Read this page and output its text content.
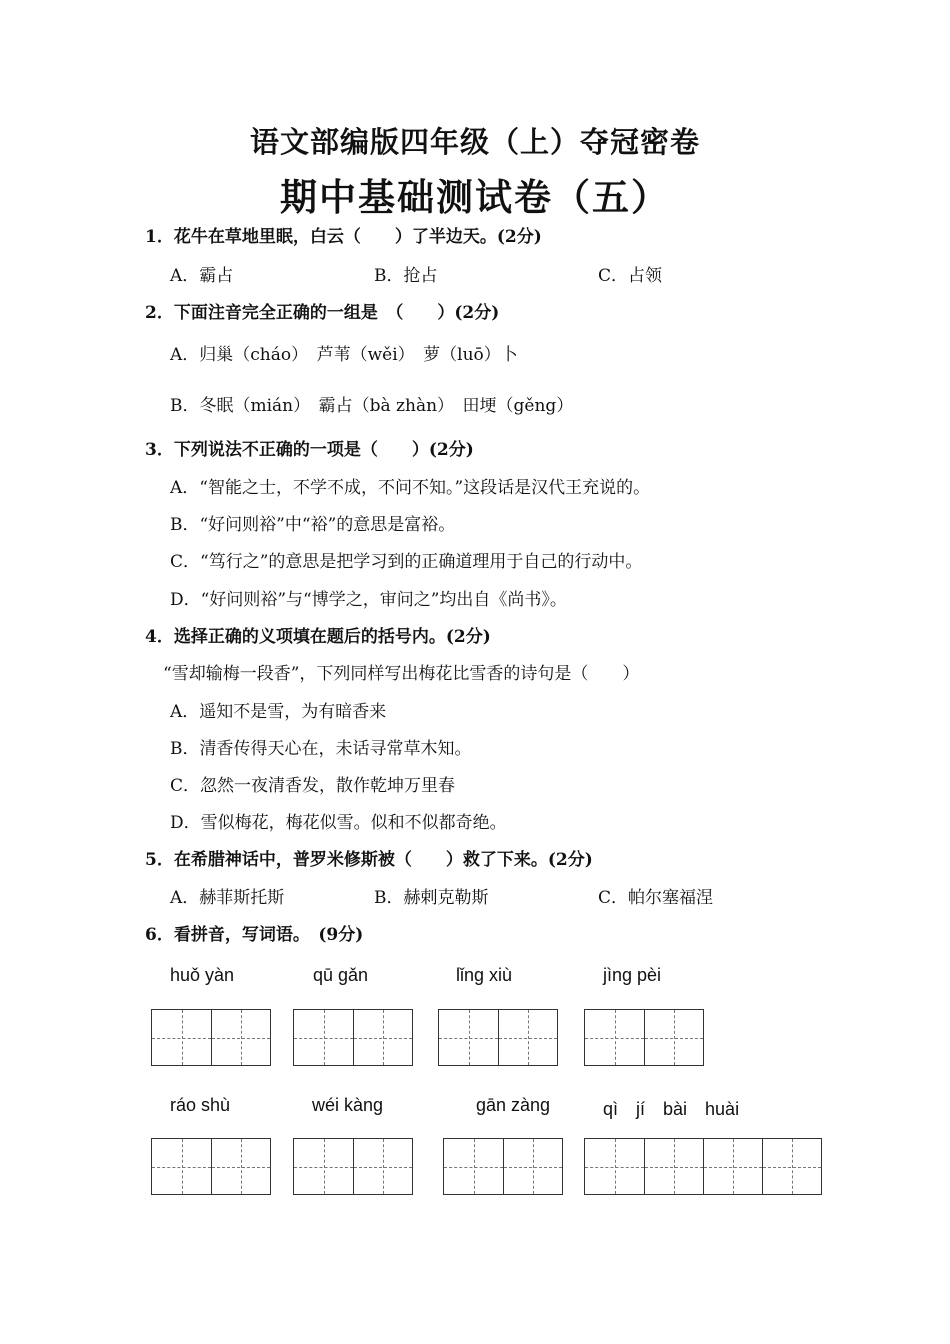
语文部编版四年级（上）夺冠密卷
期中基础测试卷（五）
1．花牛在草地里眠，白云（　　）了半边天。(2分)
A．霸占	B．抢占	C．占领
2．下面注音完全正确的一组是　（　　）(2分)
A．归巢（cháo）　芦苇（wěi）　萝（luō）卜
B．冬眠（mián）　霸占（bà zhàn）　田埂（gěng）
3．下列说法不正确的一项是（　　）(2分)
A．“智能之士，不学不成，不问不知。”这段话是汉代王充说的。
B．“好问则裕”中“裕”的意思是富裕。
C．“笃行之”的意思是把学习到的正确道理用于自己的行动中。
D．“好问则裕”与“博学之，审问之”均出自《尚书》。
4．选择正确的义项填在题后的括号内。(2分)
“雪却输梅一段香”，下列同样写出梅花比雪香的诗句是（　　）
A．遥知不是雪，为有暗香来
B．清香传得天心在，未话寻常草木知。
C．忽然一夜清香发，散作乾坤万里春
D．雪似梅花，梅花似雪。似和不似都奇绝。
5．在希腊神话中，普罗米修斯被（　　）救了下来。(2分)
A．赫菲斯托斯	B．赫剌克勒斯	C．帕尔塞福涅
6．看拼音，写词语。　(9分)
huǒ yàn	qū gǎn	lǐng xiù	jìng pèi
ráo shù	wéi kàng	gān zàng	qì　jí　bài　huài
